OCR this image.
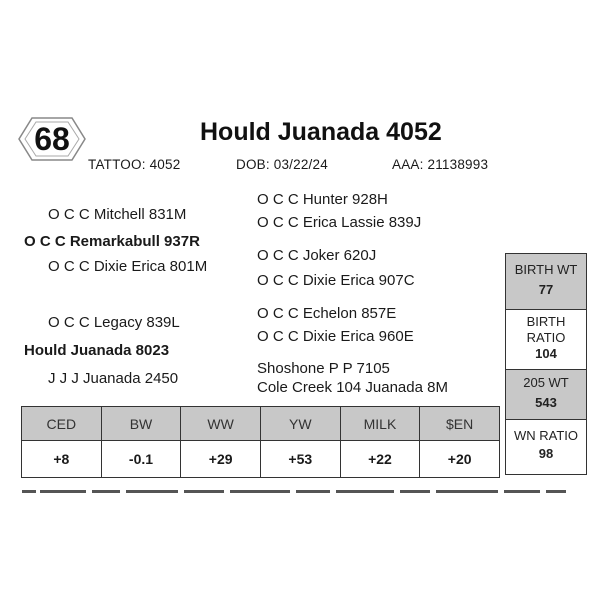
68	Hould Juanada 4052
TATTOO: 4052	DOB: 03/22/24	AAA: 21138993
O C C Mitchell 831M
O C C Remarkabull 937R
O C C Dixie Erica 801M
O C C Legacy 839L
Hould Juanada 8023
J J J Juanada 2450
O C C Hunter 928H
O C C Erica Lassie 839J
O C C Joker 620J
O C C Dixie Erica 907C
O C C Echelon 857E
O C C Dixie Erica 960E
Shoshone P P 7105
Cole Creek 104 Juanada 8M
BIRTH WT
77
BIRTH
RATIO
104
205 WT
543
WN RATIO
98
CED	BW	WW	YW	MILK	$EN
+8	-0.1	+29	+53	+22	+20
